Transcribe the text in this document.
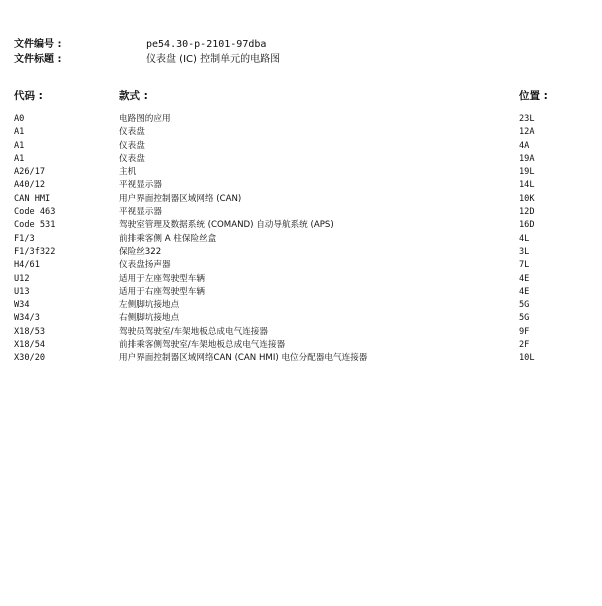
文件编号 :	pe54.30-p-2101-97dba
文件标题 :	仪表盘 (IC) 控制单元的电路图
代码 :	款式 :	位置 :
A0	电路图的应用	23L
A1	仪表盘	12A
A1	仪表盘	4A
A1	仪表盘	19A
A26/17	主机	19L
A40/12	平视显示器	14L
CAN HMI	用户界面控制器区域网络 (CAN)	10K
Code 463	平视显示器	12D
Code 531	驾驶室管理及数据系统 (COMAND) 自动导航系统 (APS)	16D
F1/3	前排乘客侧 A 柱保险丝盒	4L
F1/3f322	保险丝322	3L
H4/61	仪表盘扬声器	7L
U12	适用于左座驾驶型车辆	4E
U13	适用于右座驾驶型车辆	4E
W34	左侧脚坑接地点	5G
W34/3	右侧脚坑接地点	5G
X18/53	驾驶员驾驶室/车架地板总成电气连接器	9F
X18/54	前排乘客侧驾驶室/车架地板总成电气连接器	2F
X30/20	用户界面控制器区域网络CAN (CAN HMI) 电位分配器电气连接器	10L
